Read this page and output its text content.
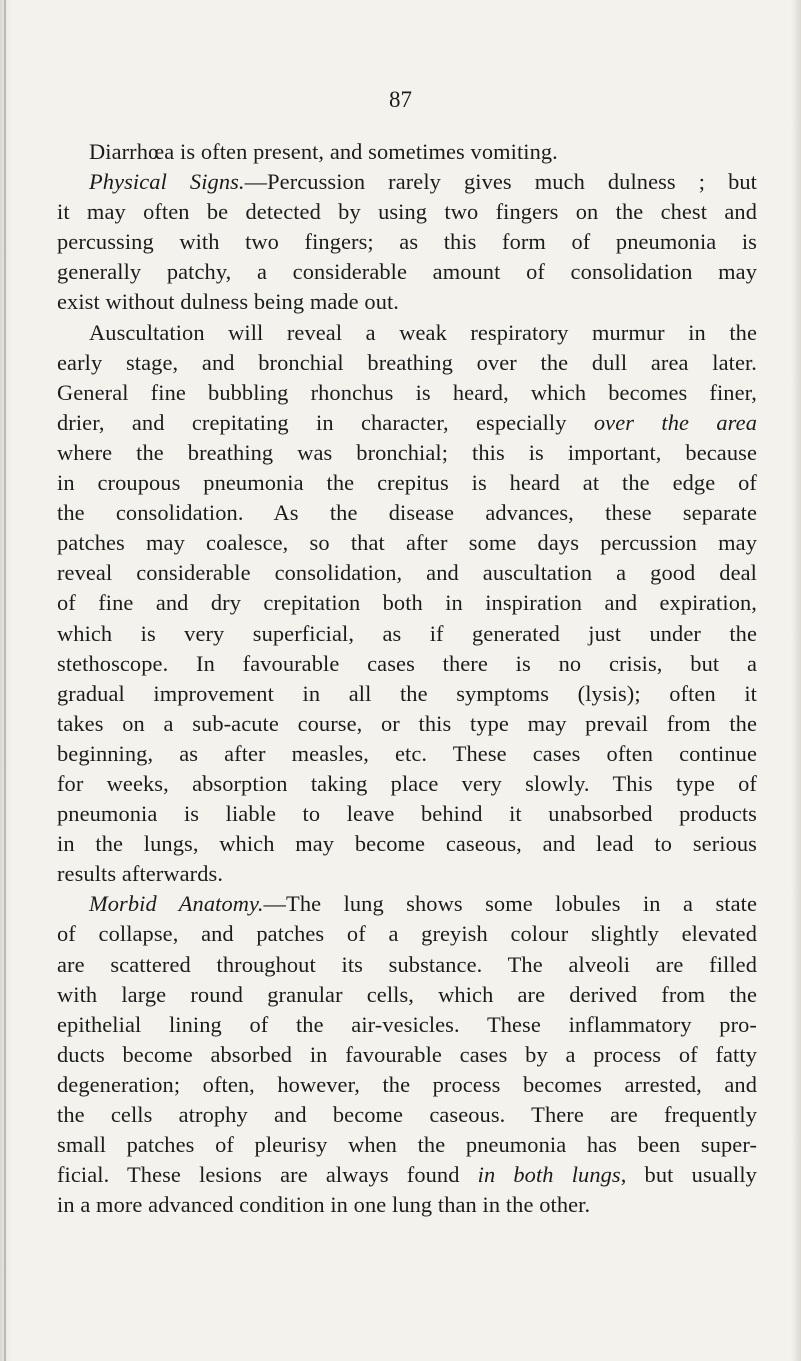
87
Diarrhœa is often present, and sometimes vomiting.
Physical Signs.—Percussion rarely gives much dulness ; but
it may often be detected by using two fingers on the chest and
percussing with two fingers; as this form of pneumonia is
generally patchy, a considerable amount of consolidation may
exist without dulness being made out.
Auscultation will reveal a weak respiratory murmur in the
early stage, and bronchial breathing over the dull area later.
General fine bubbling rhonchus is heard, which becomes finer,
drier, and crepitating in character, especially over the area
where the breathing was bronchial; this is important, because
in croupous pneumonia the crepitus is heard at the edge of
the consolidation. As the disease advances, these separate
patches may coalesce, so that after some days percussion may
reveal considerable consolidation, and auscultation a good deal
of fine and dry crepitation both in inspiration and expiration,
which is very superficial, as if generated just under the
stethoscope. In favourable cases there is no crisis, but a
gradual improvement in all the symptoms (lysis); often it
takes on a sub-acute course, or this type may prevail from the
beginning, as after measles, etc. These cases often continue
for weeks, absorption taking place very slowly. This type of
pneumonia is liable to leave behind it unabsorbed products
in the lungs, which may become caseous, and lead to serious
results afterwards.
Morbid Anatomy.—The lung shows some lobules in a state
of collapse, and patches of a greyish colour slightly elevated
are scattered throughout its substance. The alveoli are filled
with large round granular cells, which are derived from the
epithelial lining of the air-vesicles. These inflammatory pro-
ducts become absorbed in favourable cases by a process of fatty
degeneration; often, however, the process becomes arrested, and
the cells atrophy and become caseous. There are frequently
small patches of pleurisy when the pneumonia has been super-
ficial. These lesions are always found in both lungs, but usually
in a more advanced condition in one lung than in the other.
